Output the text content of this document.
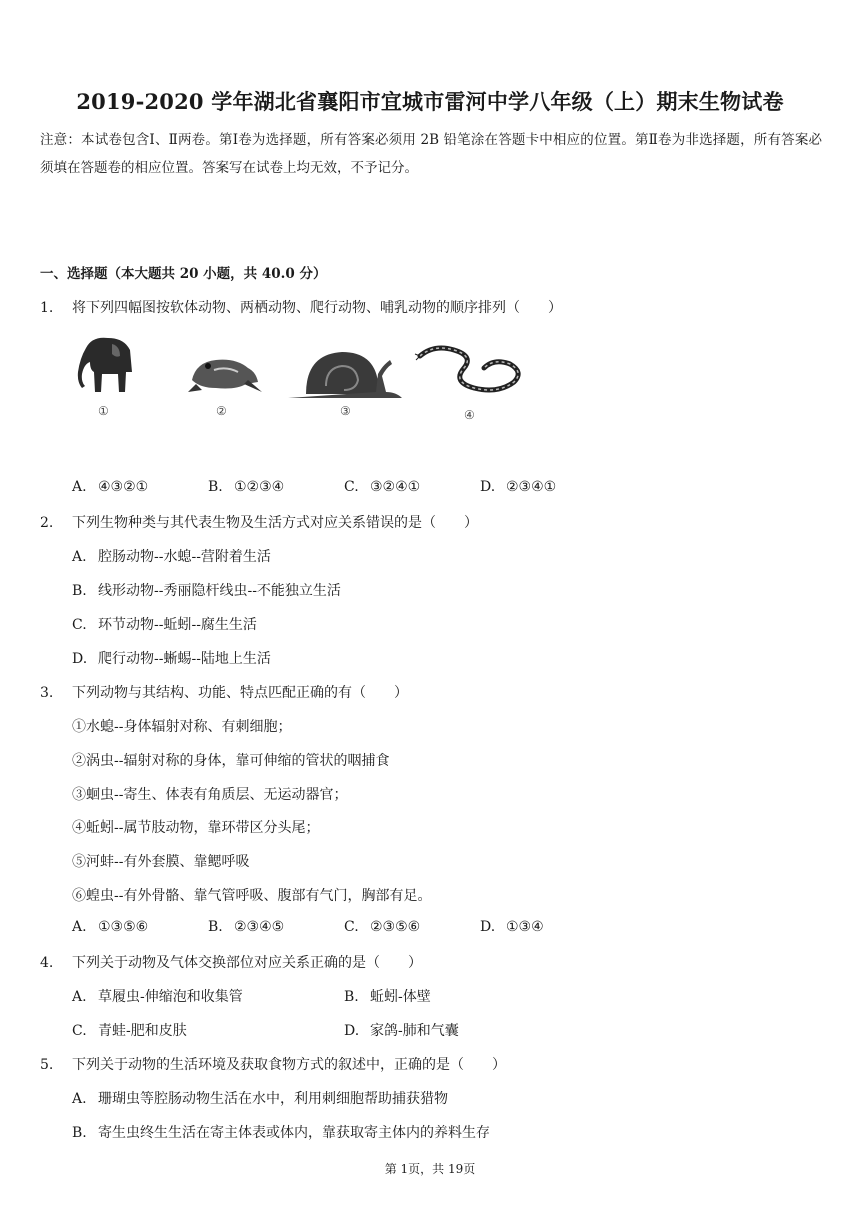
2019-2020 学年湖北省襄阳市宜城市雷河中学八年级（上）期末生物试卷
注意：本试卷包含Ⅰ、Ⅱ两卷。第Ⅰ卷为选择题，所有答案必须用 2B 铅笔涂在答题卡中相应的位置。第Ⅱ卷为非选择题，所有答案必须填在答题卷的相应位置。答案写在试卷上均无效，不予记分。
一、选择题（本大题共 20 小题，共 40.0 分）
1. 将下列四幅图按软体动物、两栖动物、爬行动物、哺乳动物的顺序排列（　　）
①	②	③	④
A. ④③②①	B. ①②③④	C. ③②④①	D. ②③④①
2. 下列生物种类与其代表生物及生活方式对应关系错误的是（　　）
A. 腔肠动物--水螅--营附着生活
B. 线形动物--秀丽隐杆线虫--不能独立生活
C. 环节动物--蚯蚓--腐生生活
D. 爬行动物--蜥蜴--陆地上生活
3. 下列动物与其结构、功能、特点匹配正确的有（　　）
①水螅--身体辐射对称、有刺细胞；
②涡虫--辐射对称的身体，靠可伸缩的管状的咽捕食
③蛔虫--寄生、体表有角质层、无运动器官；
④蚯蚓--属节肢动物，靠环带区分头尾；
⑤河蚌--有外套膜、靠鳃呼吸
⑥蝗虫--有外骨骼、靠气管呼吸、腹部有气门，胸部有足。
A. ①③⑤⑥	B. ②③④⑤	C. ②③⑤⑥	D. ①③④
4. 下列关于动物及气体交换部位对应关系正确的是（　　）
A. 草履虫-伸缩泡和收集管	B. 蚯蚓-体壁
C. 青蛙-肥和皮肤	D. 家鸽-肺和气囊
5. 下列关于动物的生活环境及获取食物方式的叙述中，正确的是（　　）
A. 珊瑚虫等腔肠动物生活在水中，利用刺细胞帮助捕获猎物
B. 寄生虫终生生活在寄主体表或体内，靠获取寄主体内的养料生存
第 1页，共 19页
